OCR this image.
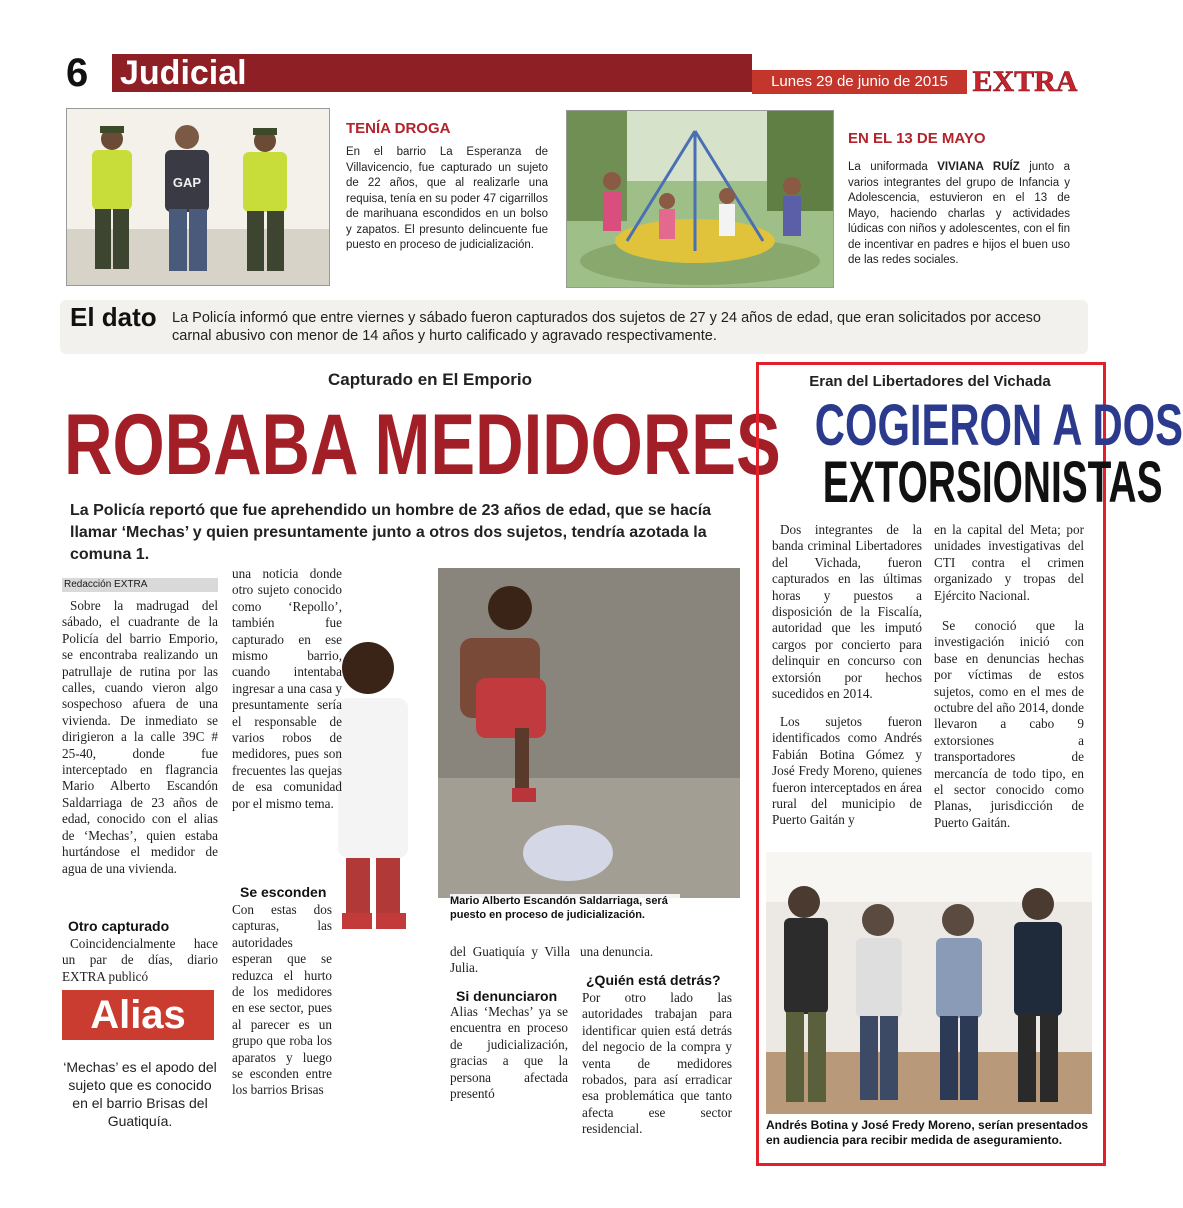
6 Judicial	Lunes 29 de junio de 2015 EXTRA
GAP
TENÍA DROGA
En el barrio La Esperanza de Villavicencio, fue capturado un sujeto de 22 años, que al realizarle una requisa, tenía en su poder 47 cigarrillos de marihuana escondidos en un bolso y zapatos. El presunto delincuente fue puesto en proceso de judicialización.
EN EL 13 DE MAYO
La uniformada VIVIANA RUÍZ junto a varios integrantes del grupo de Infancia y Adolescencia, estuvieron en el 13 de Mayo, haciendo charlas y actividades lúdicas con niños y adolescentes, con el fin de incentivar en padres e hijos el buen uso de las redes sociales.
El dato La Policía informó que entre viernes y sábado fueron capturados dos sujetos de 27 y 24 años de edad, que eran solicitados por acceso carnal abusivo con menor de 14 años y hurto calificado y agravado respectivamente.
Capturado en El Emporio
ROBABA MEDIDORES
La Policía reportó que fue aprehendido un hombre de 23 años de edad, que se hacía llamar ‘Mechas’ y quien presuntamente junto a otros dos sujetos, tendría azotada la comuna 1.
Redacción EXTRA
Sobre la madrugad del sábado, el cuadrante de la Policía del barrio Emporio, se encontraba realizando un patrullaje de rutina por las calles, cuando vieron algo sospechoso afuera de una vivienda. De inmediato se dirigieron a la calle 39C # 25-40, donde fue interceptado en flagrancia Mario Alberto Escandón Saldarriaga de 23 años de edad, conocido con el alias de ‘Mechas’, quien estaba hurtándose el medidor de agua de una vivienda.
Otro capturado
Coincidencialmente hace un par de días, diario EXTRA publicó
Alias
‘Mechas’ es el apodo del sujeto que es conocido en el barrio Brisas del Guatiquía.
una noticia donde otro sujeto conocido como ‘Repollo’, también fue capturado en ese mismo barrio, cuando intentaba ingresar a una casa y presuntamente sería el responsable de varios robos de medidores, pues son frecuentes las quejas de esa comunidad por el mismo tema.
Se esconden
Con estas dos capturas, las autoridades esperan que se reduzca el hurto de los medidores en ese sector, pues al parecer es un grupo que roba los aparatos y luego se esconden entre los barrios Brisas
Mario Alberto Escandón Saldarriaga, será puesto en proceso de judicialización.
del Guatiquía y Villa Julia.
Si denunciaron
Alias ‘Mechas’ ya se encuentra en proceso de judicialización, gracias a que la persona afectada presentó
una denuncia.
¿Quién está detrás?
Por otro lado las autoridades trabajan para identificar quien está detrás del negocio de la compra y venta de medidores robados, para así erradicar esa problemática que tanto afecta ese sector residencial.
Eran del Libertadores del Vichada
COGIERON A DOS
EXTORSIONISTAS
Dos integrantes de la banda criminal Libertadores del Vichada, fueron capturados en las últimas horas y puestos a disposición de la Fiscalía, autoridad que les imputó cargos por concierto para delinquir en concurso con extorsión por hechos sucedidos en 2014.
Los sujetos fueron identificados como Andrés Fabián Botina Gómez y José Fredy Moreno, quienes fueron interceptados en área rural del municipio de Puerto Gaitán y
en la capital del Meta; por unidades investigativas del CTI contra el crimen organizado y tropas del Ejército Nacional.
Se conoció que la investigación inició con base en denuncias hechas por víctimas de estos sujetos, como en el mes de octubre del año 2014, donde llevaron a cabo 9 extorsiones a transportadores de mercancía de todo tipo, en el sector conocido como Planas, jurisdicción de Puerto Gaitán.
Andrés Botina y José Fredy Moreno, serían presentados en audiencia para recibir medida de aseguramiento.
